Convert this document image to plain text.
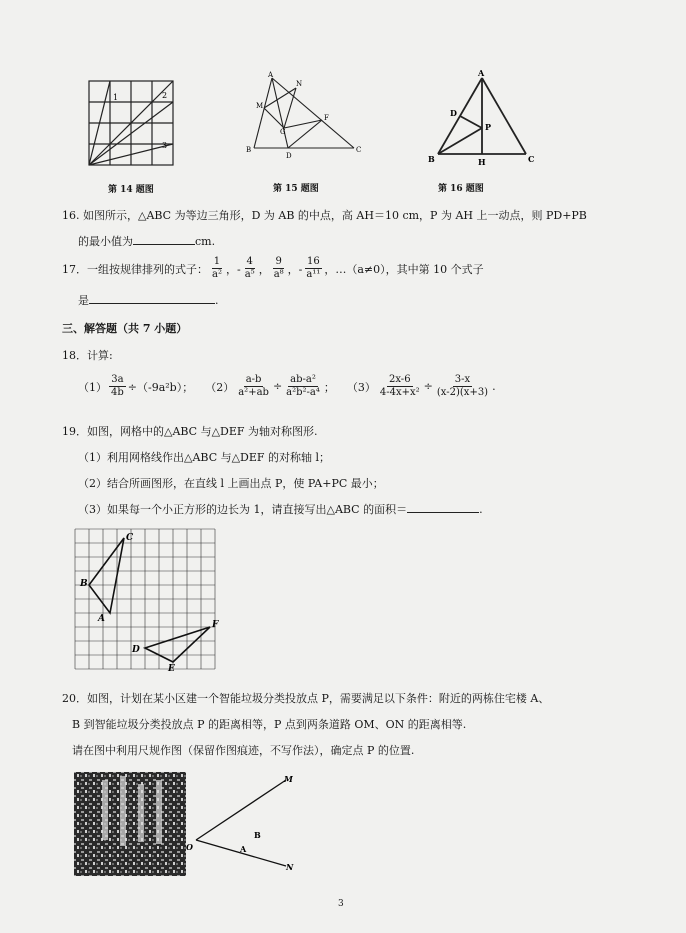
2
3
1
第 14 题图
A
M
N
G
F
B
D
C
第 15 题图
A
D
P
B	H	C
第 16 题图
16. 如图所示，△ABC 为等边三角形，D 为 AB 的中点，高 AH＝10 cm，P 为 AH 上一动点，则 PD+PB
的最小值为	cm.
17．一组按规律排列的式子： $\frac{1}{\text{a²}}$ ，- $\frac{4}{\text{a⁵}}$ ， $\frac{9}{\text{a⁸}}$ ，- $\frac{16}{\text{a¹¹}}$ ，…（a≠0），其中第 10 个式子
是	.
三、解答题（共 7 小题）
18．计算:
$(1) \frac{3a}{4b} \div(-9a^2b)$； $(2) \frac{a-b}{\text{a²+ab}} \div \frac{\text{ab-a²}}{\text{a²b²-a⁴}}$ ； $(3) \frac{2x-6}{\text{4-4x+x²}} \div \frac{3-x}{(x-2)(x+3)}$ .
19．如图，网格中的△ABC 与△DEF 为轴对称图形.
（1）利用网格线作出△ABC 与△DEF 的对称轴 l；
（2）结合所画图形，在直线 l 上画出点 P，使 PA+PC 最小；
（3）如果每一个小正方形的边长为 1，请直接写出△ABC 的面积＝	.
C
B
A
F
D
E
20．如图，计划在某小区建一个智能垃圾分类投放点 P，需要满足以下条件：附近的两栋住宅楼 A、
B 到智能垃圾分类投放点 P 的距离相等，P 点到两条道路 OM、ON 的距离相等.
请在图中利用尺规作图（保留作图痕迹，不写作法），确定点 P 的位置.
O
M
N
B
A
3
